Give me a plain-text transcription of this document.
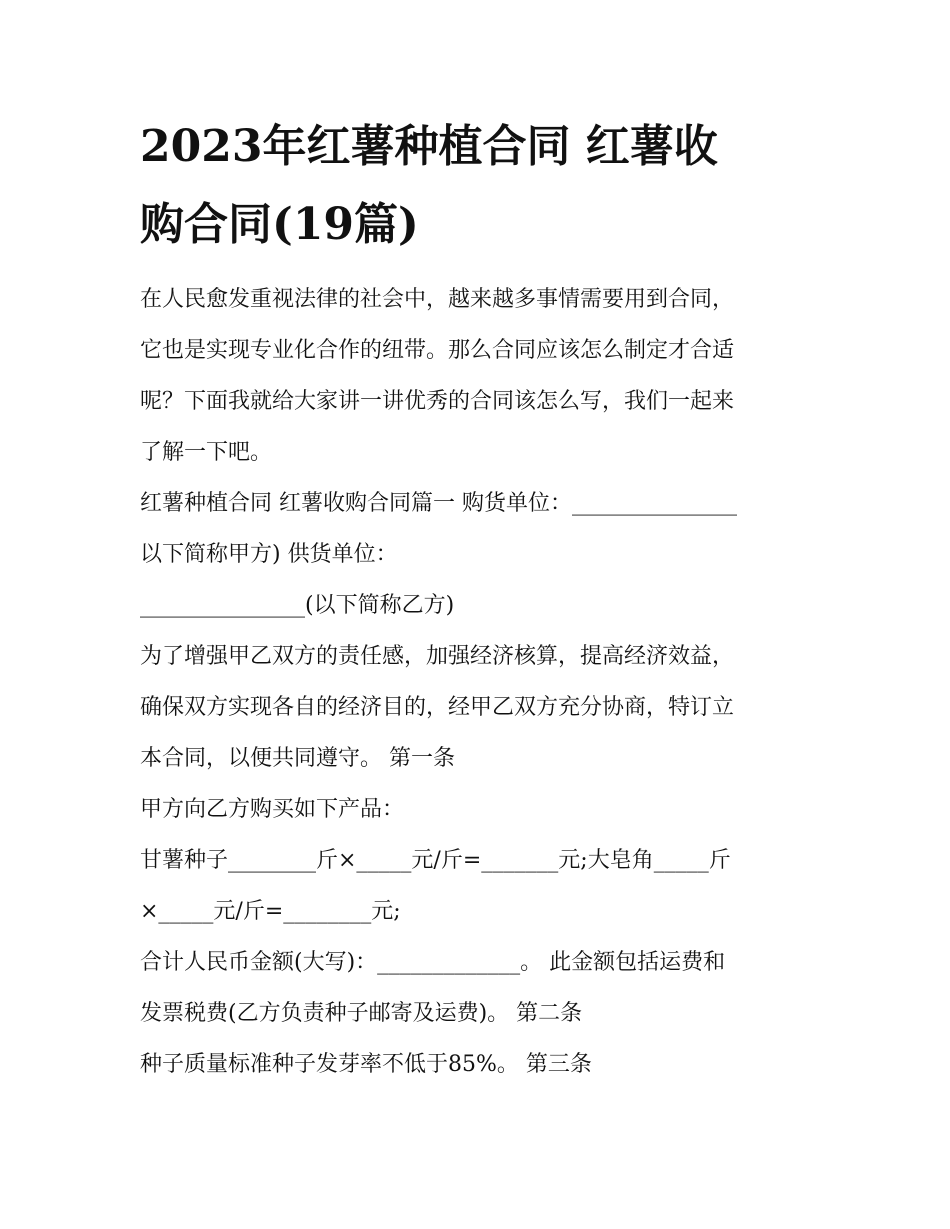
2023年红薯种植合同 红薯收
购合同(19篇)
在人民愈发重视法律的社会中，越来越多事情需要用到合同，
它也是实现专业化合作的纽带。那么合同应该怎么制定才合适
呢？下面我就给大家讲一讲优秀的合同该怎么写，我们一起来
了解一下吧。
红薯种植合同 红薯收购合同篇一 购货单位：_______________
以下简称甲方) 供货单位：
_______________(以下简称乙方)
为了增强甲乙双方的责任感，加强经济核算，提高经济效益，
确保双方实现各自的经济目的，经甲乙双方充分协商，特订立
本合同，以便共同遵守。 第一条
甲方向乙方购买如下产品：
甘薯种子________斤×_____元/斤=_______元;大皂角_____斤
×_____元/斤=________元;
合计人民币金额(大写)：_____________。 此金额包括运费和
发票税费(乙方负责种子邮寄及运费)。 第二条
种子质量标准种子发芽率不低于85%。 第三条
